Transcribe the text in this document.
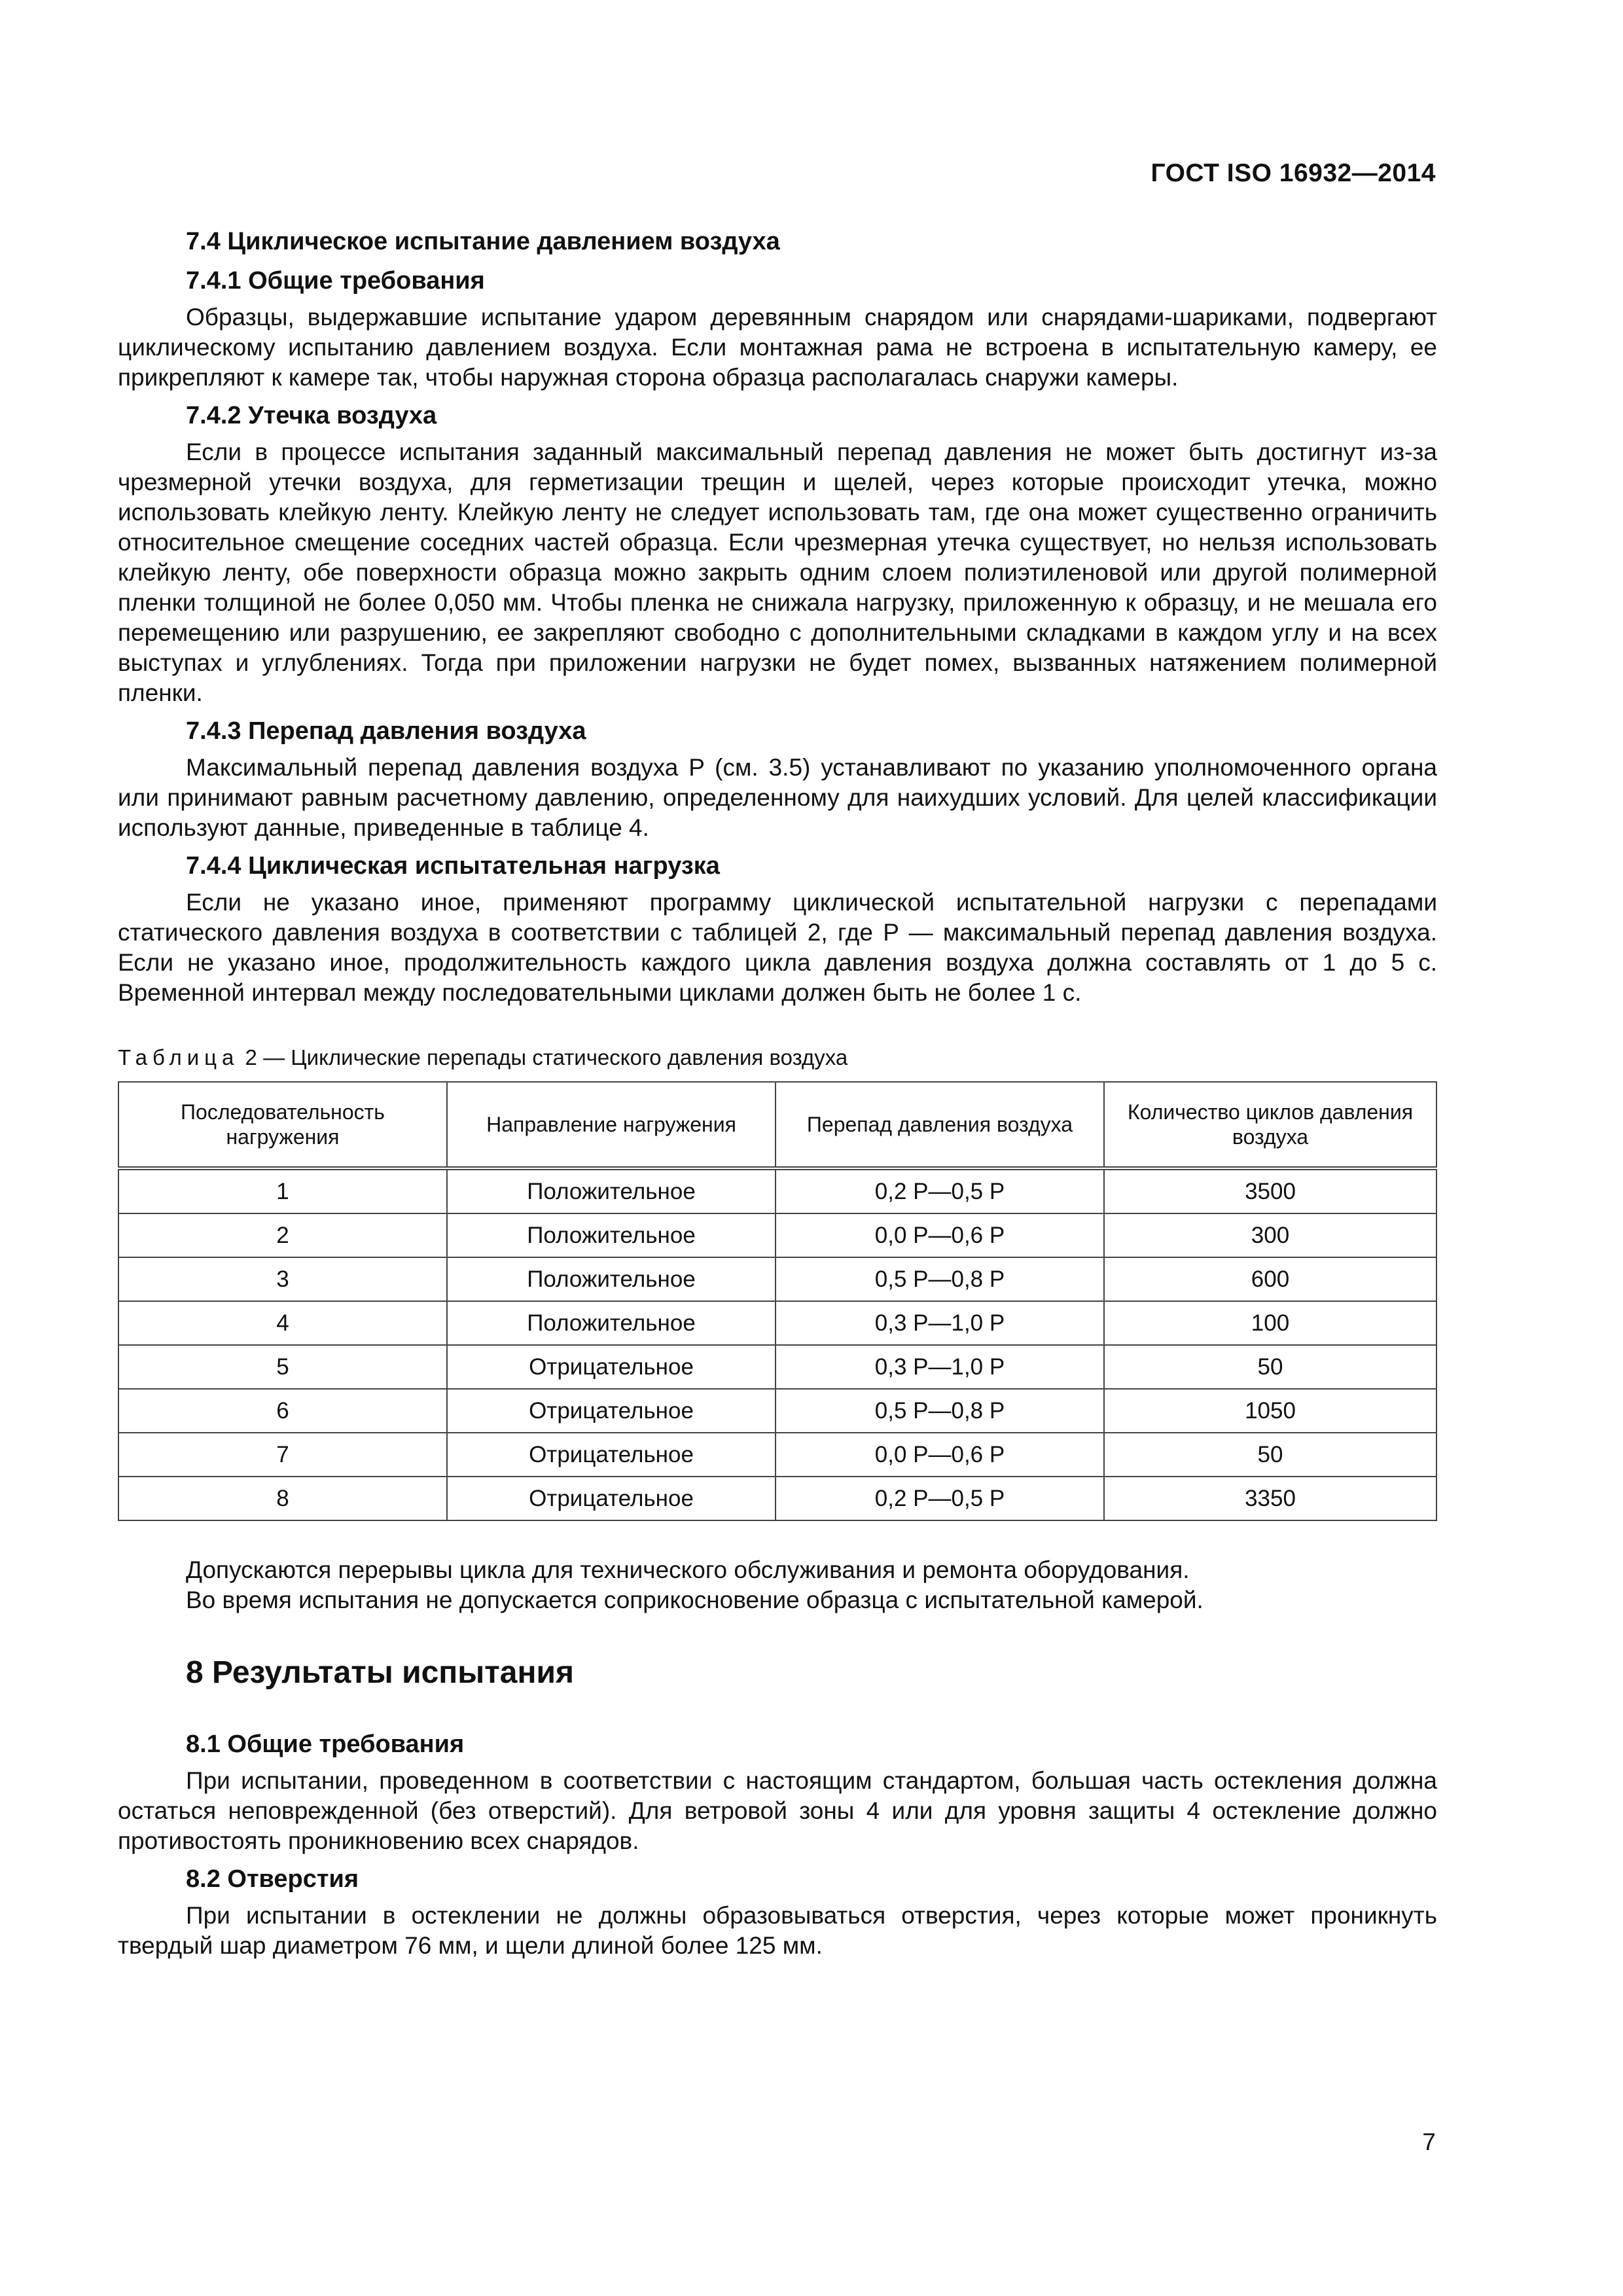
ГОСТ ISO 16932—2014
7.4 Циклическое испытание давлением воздуха
7.4.1 Общие требования

Образцы, выдержавшие испытание ударом деревянным снарядом или снарядами-шариками, подвергают циклическому испытанию давлением воздуха. Если монтажная рама не встроена в испытательную камеру, ее прикрепляют к камере так, чтобы наружная сторона образца располагалась снаружи камеры.

7.4.2 Утечка воздуха

Если в процессе испытания заданный максимальный перепад давления не может быть достигнут из-за чрезмерной утечки воздуха, для герметизации трещин и щелей, через которые происходит утечка, можно использовать клейкую ленту. Клейкую ленту не следует использовать там, где она может существенно ограничить относительное смещение соседних частей образца. Если чрезмерная утечка существует, но нельзя использовать клейкую ленту, обе поверхности образца можно закрыть одним слоем полиэтиленовой или другой полимерной пленки толщиной не более 0,050 мм. Чтобы пленка не снижала нагрузку, приложенную к образцу, и не мешала его перемещению или разрушению, ее закрепляют свободно с дополнительными складками в каждом углу и на всех выступах и углублениях. Тогда при приложении нагрузки не будет помех, вызванных натяжением полимерной пленки.

7.4.3 Перепад давления воздуха

Максимальный перепад давления воздуха P (см. 3.5) устанавливают по указанию уполномоченного органа или принимают равным расчетному давлению, определенному для наихудших условий. Для целей классификации используют данные, приведенные в таблице 4.

7.4.4 Циклическая испытательная нагрузка

Если не указано иное, применяют программу циклической испытательной нагрузки с перепадами статического давления воздуха в соответствии с таблицей 2, где P — максимальный перепад давления воздуха. Если не указано иное, продолжительность каждого цикла давления воздуха должна составлять от 1 до 5 с. Временной интервал между последовательными циклами должен быть не более 1 с.

Таблица 2 — Циклические перепады статического давления воздуха
Последовательность нагружения	Направление нагружения	Перепад давления воздуха	Количество циклов давления воздуха
1	Положительное	0,2 P—0,5 P	3500
2	Положительное	0,0 P—0,6 P	300
3	Положительное	0,5 P—0,8 P	600
4	Положительное	0,3 P—1,0 P	100
5	Отрицательное	0,3 P—1,0 P	50
6	Отрицательное	0,5 P—0,8 P	1050
7	Отрицательное	0,0 P—0,6 P	50
8	Отрицательное	0,2 P—0,5 P	3350

Допускаются перерывы цикла для технического обслуживания и ремонта оборудования.

Во время испытания не допускается соприкосновение образца с испытательной камерой.

8 Результаты испытания
8.1 Общие требования

При испытании, проведенном в соответствии с настоящим стандартом, большая часть остекления должна остаться неповрежденной (без отверстий). Для ветровой зоны 4 или для уровня защиты 4 остекление должно противостоять проникновению всех снарядов.

8.2 Отверстия

При испытании в остеклении не должны образовываться отверстия, через которые может проникнуть твердый шар диаметром 76 мм, и щели длиной более 125 мм.

7
